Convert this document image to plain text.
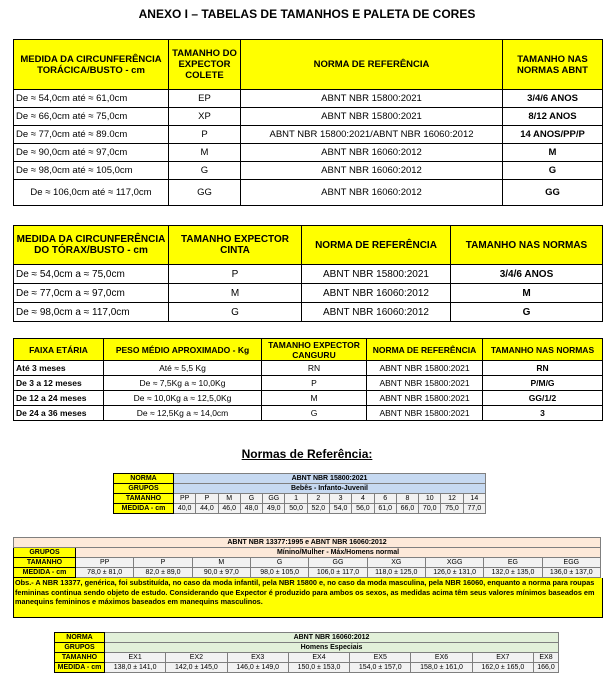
ANEXO I – TABELAS DE TAMANHOS E PALETA DE CORES
MEDIDA DA CIRCUNFERÊNCIA TORÁCICA/BUSTO - cm	TAMANHO DO EXPECTOR COLETE	NORMA DE REFERÊNCIA	TAMANHO NAS NORMAS ABNT
De ≈ 54,0cm até ≈ 61,0cm	EP	ABNT NBR 15800:2021	3/4/6 ANOS
De ≈ 66,0cm até ≈ 75,0cm	XP	ABNT NBR 15800:2021	8/12 ANOS
De ≈ 77,0cm até ≈ 89.0cm	P	ABNT NBR 15800:2021/ABNT NBR 16060:2012	14 ANOS/PP/P
De ≈ 90,0cm até ≈ 97,0cm	M	ABNT NBR 16060:2012	M
De ≈ 98,0cm até ≈ 105,0cm	G	ABNT NBR 16060:2012	G
De ≈ 106,0cm até ≈ 117,0cm	GG	ABNT NBR 16060:2012	GG
MEDIDA DA CIRCUNFERÊNCIA DO TÓRAX/BUSTO - cm	TAMANHO EXPECTOR CINTA	NORMA DE REFERÊNCIA	TAMANHO NAS NORMAS
De ≈ 54,0cm a ≈ 75,0cm	P	ABNT NBR 15800:2021	3/4/6 ANOS
De ≈ 77,0cm a ≈ 97,0cm	M	ABNT NBR 16060:2012	M
De ≈ 98,0cm a ≈ 117,0cm	G	ABNT NBR 16060:2012	G
FAIXA ETÁRIA	PESO MÉDIO APROXIMADO - Kg	TAMANHO EXPECTOR CANGURU	NORMA DE REFERÊNCIA	TAMANHO NAS NORMAS
Até 3 meses	Até ≈ 5,5 Kg	RN	ABNT NBR 15800:2021	RN
De 3 a 12 meses	De ≈ 7,5Kg a ≈ 10,0Kg	P	ABNT NBR 15800:2021	P/M/G
De 12 a 24 meses	De ≈ 10,0Kg a ≈ 12,5,0Kg	M	ABNT NBR 15800:2021	GG/1/2
De 24 a 36 meses	De ≈ 12,5Kg a ≈ 14,0cm	G	ABNT NBR 15800:2021	3
Normas de Referência:
NORMA	ABNT NBR 15800:2021													
GRUPOS	Bebês - Infanto-Juvenil													
TAMANHO	PP	P	M	G	GG	1	2	3	4	6	8	10	12	14
MEDIDA - cm	40,0	44,0	46,0	48,0	49,0	50,0	52,0	54,0	56,0	61,0	66,0	70,0	75,0	77,0
ABNT NBR 13377:1995 e ABNT NBR 16060:2012									
GRUPOS	Mínino/Mulher - Máx/Homens normal								
TAMANHO	PP	P	M	G	GG	XG	XGG	EG	EGG
MEDIDA - cm	78,0 ± 81,0	82,0 ± 89,0	90,0 ± 97,0	98,0 ± 105,0	106,0 ± 117,0	118,0 ± 125,0	126,0 ± 131,0	132,0 ± 135,0	136,0 ± 137,0
Obs.- A NBR 13377, genérica, foi substituída, no caso da moda infantil, pela NBR 15800 e, no caso da moda masculina, pela NBR 16060, enquanto a norma para roupas femininas continua sendo objeto de estudo. Considerando que Expector é produzido para ambos os sexos, as medidas acima têm seus valores mínimos baseados em manequins femininos e máximos baseados em manequins masculinos.
NORMA	ABNT NBR 16060:2012							
GRUPOS	Homens Especiais							
TAMANHO	EX1	EX2	EX3	EX4	EX5	EX6	EX7	EX8
MEDIDA - cm	138,0 ± 141,0	142,0 ± 145,0	146,0 ± 149,0	150,0 ± 153,0	154,0 ± 157,0	158,0 ± 161,0	162,0 ± 165,0	166,0
